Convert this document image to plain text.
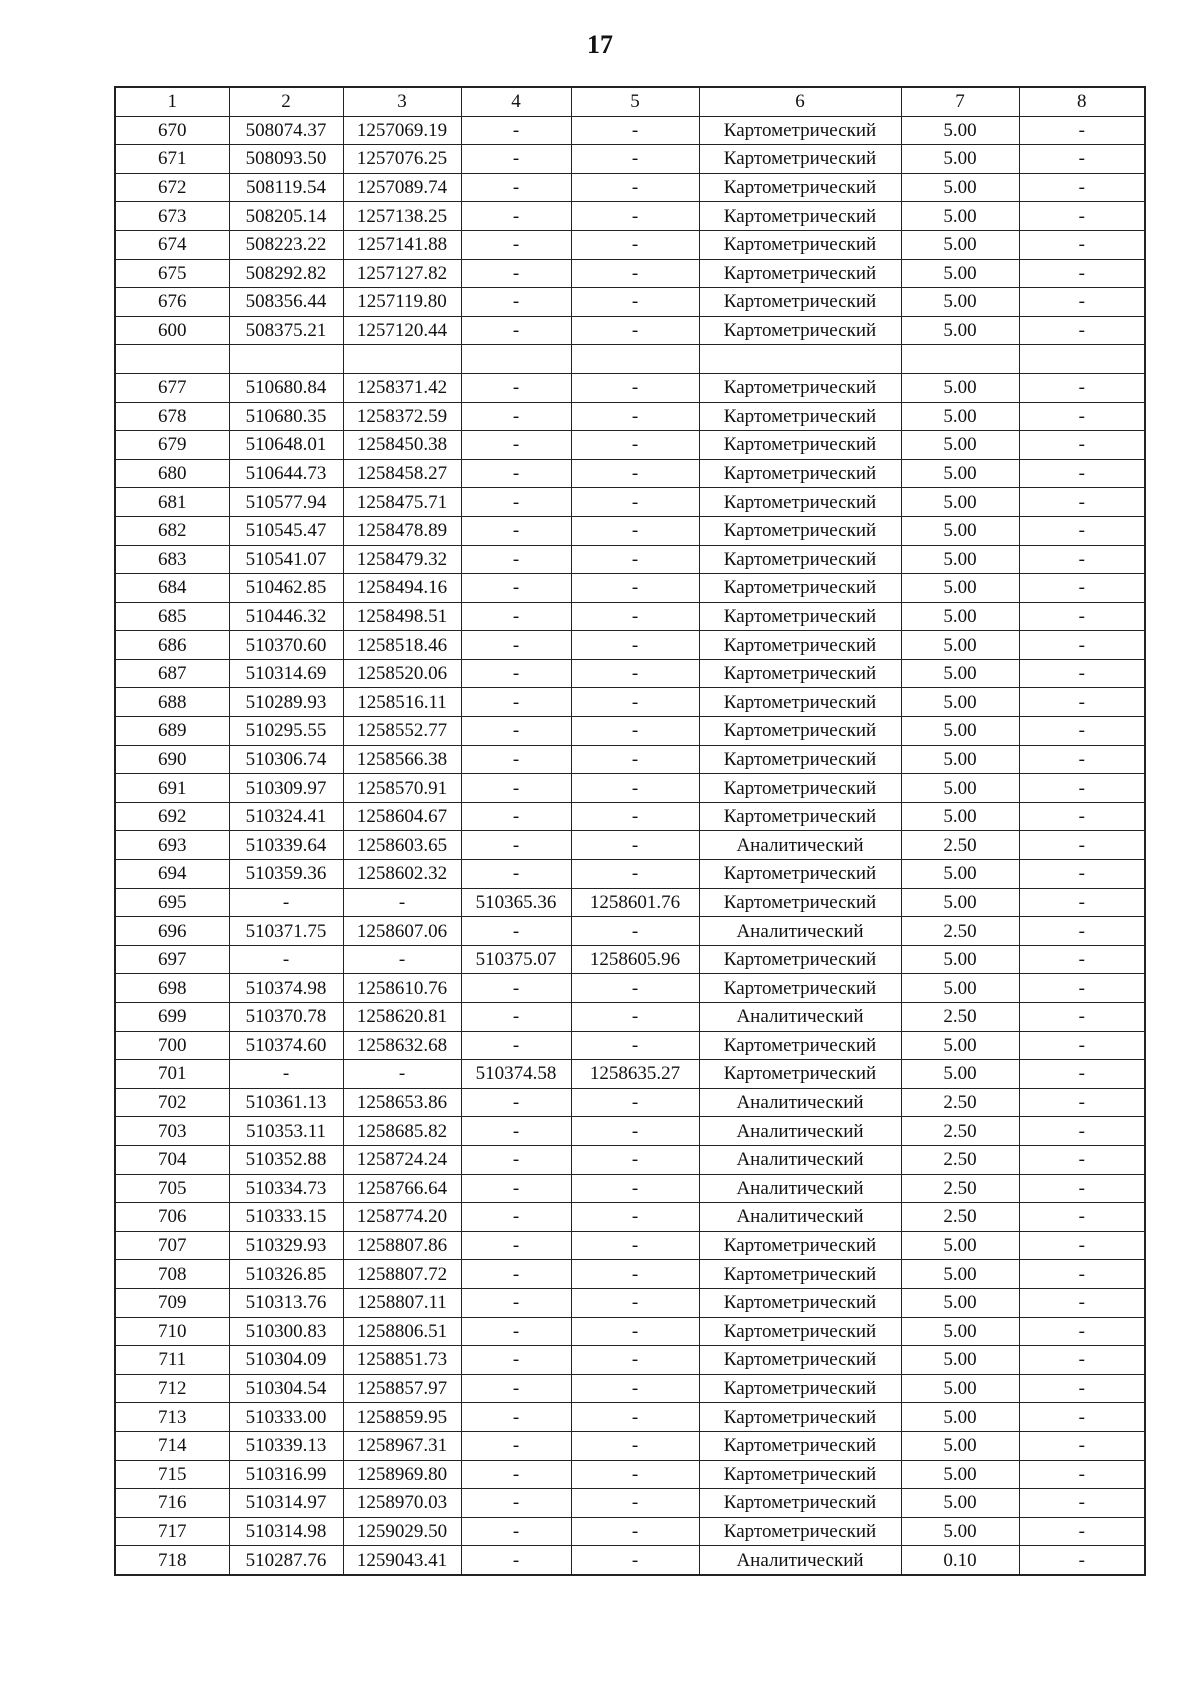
17
1	2	3	4	5	6	7	8
670	508074.37	1257069.19	-	-	Картометрический	5.00	-
671	508093.50	1257076.25	-	-	Картометрический	5.00	-
672	508119.54	1257089.74	-	-	Картометрический	5.00	-
673	508205.14	1257138.25	-	-	Картометрический	5.00	-
674	508223.22	1257141.88	-	-	Картометрический	5.00	-
675	508292.82	1257127.82	-	-	Картометрический	5.00	-
676	508356.44	1257119.80	-	-	Картометрический	5.00	-
600	508375.21	1257120.44	-	-	Картометрический	5.00	-

677	510680.84	1258371.42	-	-	Картометрический	5.00	-
678	510680.35	1258372.59	-	-	Картометрический	5.00	-
679	510648.01	1258450.38	-	-	Картометрический	5.00	-
680	510644.73	1258458.27	-	-	Картометрический	5.00	-
681	510577.94	1258475.71	-	-	Картометрический	5.00	-
682	510545.47	1258478.89	-	-	Картометрический	5.00	-
683	510541.07	1258479.32	-	-	Картометрический	5.00	-
684	510462.85	1258494.16	-	-	Картометрический	5.00	-
685	510446.32	1258498.51	-	-	Картометрический	5.00	-
686	510370.60	1258518.46	-	-	Картометрический	5.00	-
687	510314.69	1258520.06	-	-	Картометрический	5.00	-
688	510289.93	1258516.11	-	-	Картометрический	5.00	-
689	510295.55	1258552.77	-	-	Картометрический	5.00	-
690	510306.74	1258566.38	-	-	Картометрический	5.00	-
691	510309.97	1258570.91	-	-	Картометрический	5.00	-
692	510324.41	1258604.67	-	-	Картометрический	5.00	-
693	510339.64	1258603.65	-	-	Аналитический	2.50	-
694	510359.36	1258602.32	-	-	Картометрический	5.00	-
695	-	-	510365.36	1258601.76	Картометрический	5.00	-
696	510371.75	1258607.06	-	-	Аналитический	2.50	-
697	-	-	510375.07	1258605.96	Картометрический	5.00	-
698	510374.98	1258610.76	-	-	Картометрический	5.00	-
699	510370.78	1258620.81	-	-	Аналитический	2.50	-
700	510374.60	1258632.68	-	-	Картометрический	5.00	-
701	-	-	510374.58	1258635.27	Картометрический	5.00	-
702	510361.13	1258653.86	-	-	Аналитический	2.50	-
703	510353.11	1258685.82	-	-	Аналитический	2.50	-
704	510352.88	1258724.24	-	-	Аналитический	2.50	-
705	510334.73	1258766.64	-	-	Аналитический	2.50	-
706	510333.15	1258774.20	-	-	Аналитический	2.50	-
707	510329.93	1258807.86	-	-	Картометрический	5.00	-
708	510326.85	1258807.72	-	-	Картометрический	5.00	-
709	510313.76	1258807.11	-	-	Картометрический	5.00	-
710	510300.83	1258806.51	-	-	Картометрический	5.00	-
711	510304.09	1258851.73	-	-	Картометрический	5.00	-
712	510304.54	1258857.97	-	-	Картометрический	5.00	-
713	510333.00	1258859.95	-	-	Картометрический	5.00	-
714	510339.13	1258967.31	-	-	Картометрический	5.00	-
715	510316.99	1258969.80	-	-	Картометрический	5.00	-
716	510314.97	1258970.03	-	-	Картометрический	5.00	-
717	510314.98	1259029.50	-	-	Картометрический	5.00	-
718	510287.76	1259043.41	-	-	Аналитический	0.10	-
